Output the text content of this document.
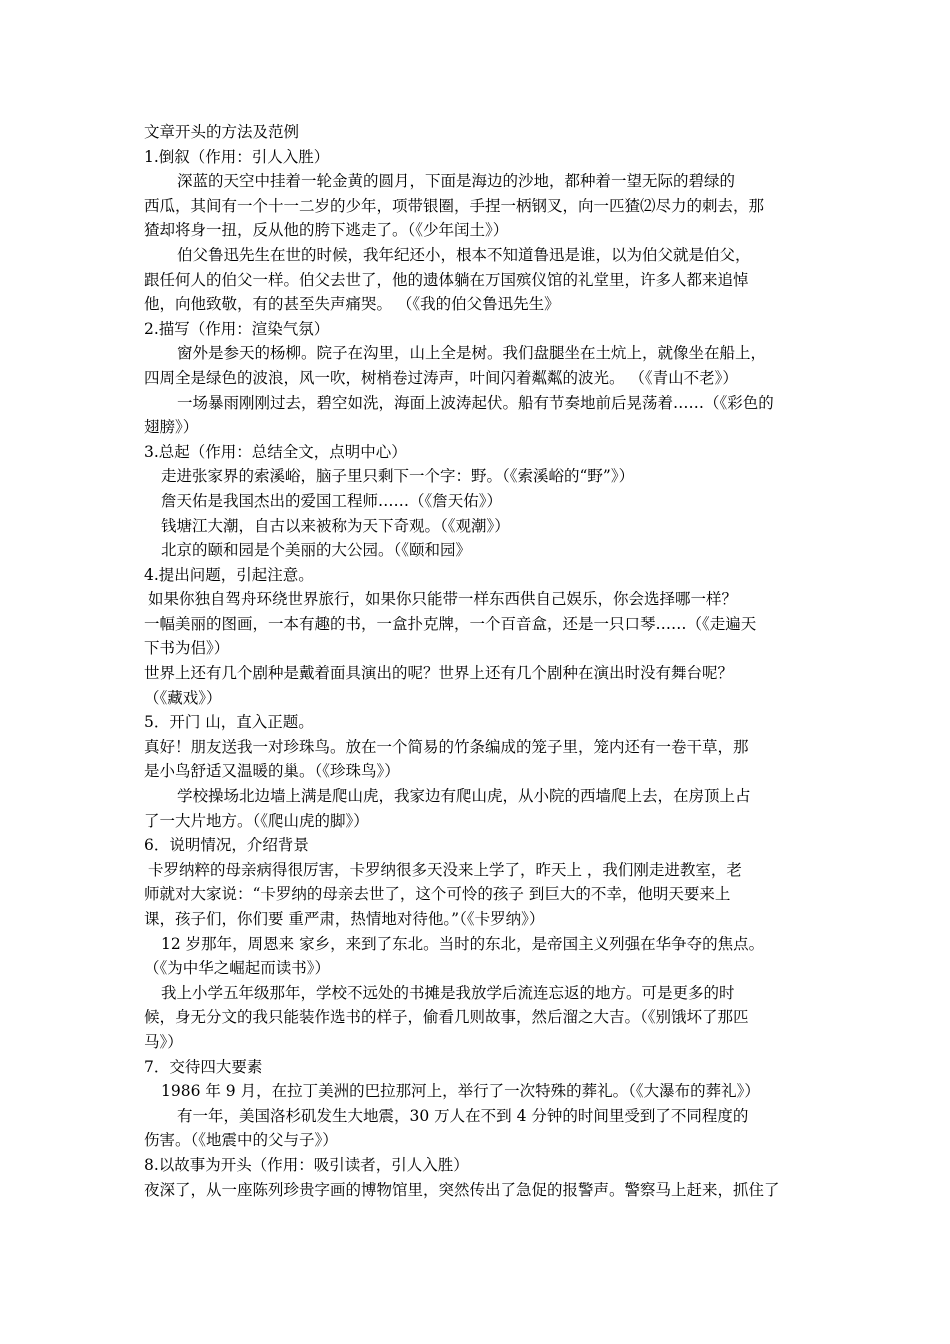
文章开头的方法及范例
1.倒叙（作用：引人入胜）
深蓝的天空中挂着一轮金黄的圆月，下面是海边的沙地，都种着一望无际的碧绿的
西瓜，其间有一个十一二岁的少年，项带银圈，手捏一柄钢叉，向一匹猹⑵尽力的刺去，那
猹却将身一扭，反从他的胯下逃走了。（《少年闰土》）
伯父鲁迅先生在世的时候，我年纪还小，根本不知道鲁迅是谁，以为伯父就是伯父，
跟任何人的伯父一样。伯父去世了，他的遗体躺在万国殡仪馆的礼堂里，许多人都来追悼
他，向他致敬，有的甚至失声痛哭。 （《我的伯父鲁迅先生》
2.描写（作用：渲染气氛）
窗外是参天的杨柳。院子在沟里，山上全是树。我们盘腿坐在土炕上，就像坐在船上，
四周全是绿色的波浪，风一吹，树梢卷过涛声，叶间闪着粼粼的波光。 （《青山不老》）
一场暴雨刚刚过去，碧空如洗，海面上波涛起伏。船有节奏地前后晃荡着……（《彩色的
翅膀》）
3.总起（作用：总结全文，点明中心）
走进张家界的索溪峪，脑子里只剩下一个字：野。（《索溪峪的“野”》）
詹天佑是我国杰出的爱国工程师……（《詹天佑》）
钱塘江大潮，自古以来被称为天下奇观。（《观潮》）
北京的颐和园是个美丽的大公园。（《颐和园》
4.提出问题，引起注意。
如果你独自驾舟环绕世界旅行，如果你只能带一样东西供自己娱乐，你会选择哪一样？
一幅美丽的图画，一本有趣的书，一盒扑克牌，一个百音盒，还是一只口琴……（《走遍天
下书为侣》）
世界上还有几个剧种是戴着面具演出的呢？世界上还有几个剧种在演出时没有舞台呢？
（《藏戏》）
5．开门 山，直入正题。
真好！朋友送我一对珍珠鸟。放在一个简易的竹条编成的笼子里，笼内还有一卷干草，那
是小鸟舒适又温暖的巢。（《珍珠鸟》）
学校操场北边墙上满是爬山虎，我家边有爬山虎，从小院的西墙爬上去，在房顶上占
了一大片地方。（《爬山虎的脚》）
6．说明情况，介绍背景
卡罗纳粹的母亲病得很厉害，卡罗纳很多天没来上学了，昨天上 ，我们刚走进教室，老
师就对大家说：“卡罗纳的母亲去世了，这个可怜的孩子 到巨大的不幸，他明天要来上
课，孩子们，你们要 重严肃，热情地对待他。”（《卡罗纳》）
12 岁那年，周恩来 家乡，来到了东北。当时的东北，是帝国主义列强在华争夺的焦点。
（《为中华之崛起而读书》）
我上小学五年级那年，学校不远处的书摊是我放学后流连忘返的地方。可是更多的时
候，身无分文的我只能装作选书的样子，偷看几则故事，然后溜之大吉。（《别饿坏了那匹
马》）
7．交待四大要素
1986 年 9 月，在拉丁美洲的巴拉那河上，举行了一次特殊的葬礼。（《大瀑布的葬礼》）
有一年，美国洛杉矶发生大地震，30 万人在不到 4 分钟的时间里受到了不同程度的
伤害。（《地震中的父与子》）
8.以故事为开头（作用：吸引读者，引人入胜）
夜深了，从一座陈列珍贵字画的博物馆里，突然传出了急促的报警声。警察马上赶来，抓住了
